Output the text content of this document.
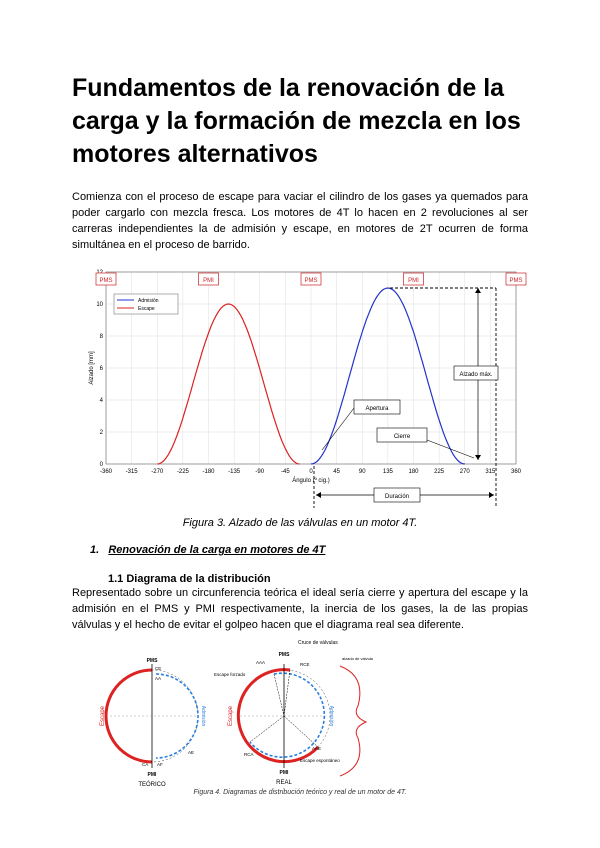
Fundamentos de la renovación de la carga y la formación de mezcla en los motores alternativos

Comienza con el proceso de escape para vaciar el cilindro de los gases ya quemados para poder cargarlo con mezcla fresca. Los motores de 4T lo hacen en 2 revoluciones al ser carreras independientes la de admisión y escape, en motores de 2T ocurren de forma simultánea en el proceso de barrido.

0
2
4
6
8
10
-360 -315 -270 -225 -180 -135	-90	-45	0	45	90	135	180	225	270	315	360
PMS	PMI	PMS	PMI	PMS
Admisión
Escape
Alzado [mm]
Ángulo (º cig.)
Alzado máx.
Apertura
Cierre
Duración
Figura 3. Alzado de las válvulas en un motor 4T.
1. Renovación de la carga en motores de 4T
1.1 Diagrama de la distribución

Representado sobre un circunferencia teórica el ideal sería cierre y apertura del escape y la admisión en el PMS y PMI respectivamente, la inercia de los gases, la de las propias válvulas y el hecho de evitar el golpeo hacen que el diagrama real sea diferente.

PMS
PMI
CE
AA
CA AF
AE
Escape	Admisión
TEÓRICO
PMS
PMI
Cruce de válvulas
AAA	RCE
Escape forzado
RCA
AAE
Escape espontáneo
Escape	Admisión
REAL
alzado de válvula
Figura 4. Diagramas de distribución teórico y real de un motor de 4T.
